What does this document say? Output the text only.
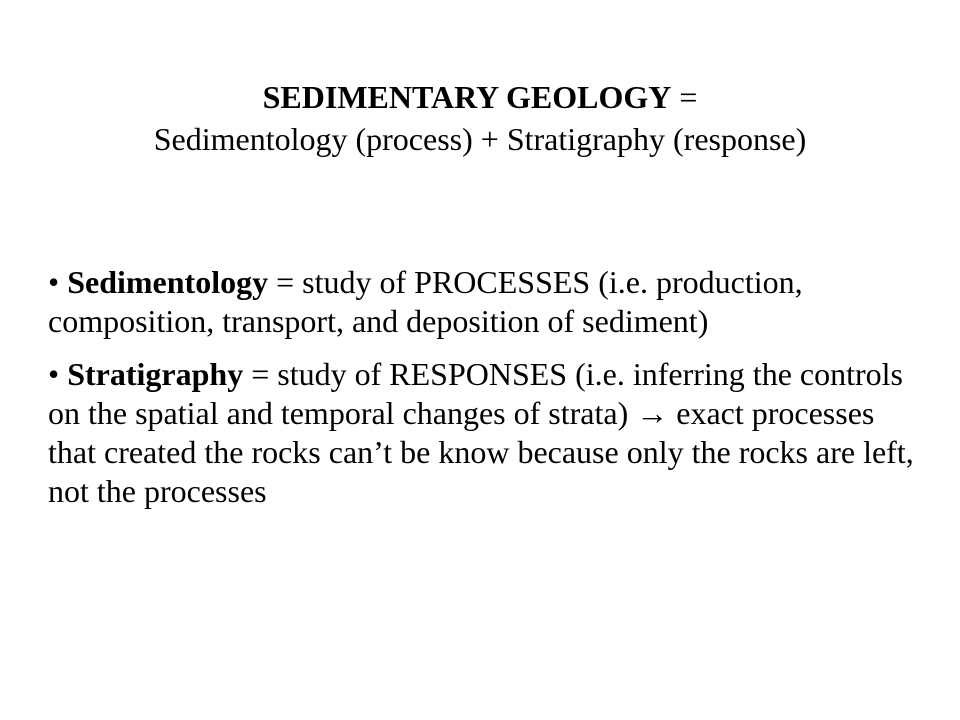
SEDIMENTARY GEOLOGY =
Sedimentology (process) + Stratigraphy (response)

• Sedimentology = study of PROCESSES (i.e. production, composition, transport, and deposition of sediment)

• Stratigraphy = study of RESPONSES (i.e. inferring the controls on the spatial and temporal changes of strata) → exact processes that created the rocks can’t be know because only the rocks are left, not the processes
